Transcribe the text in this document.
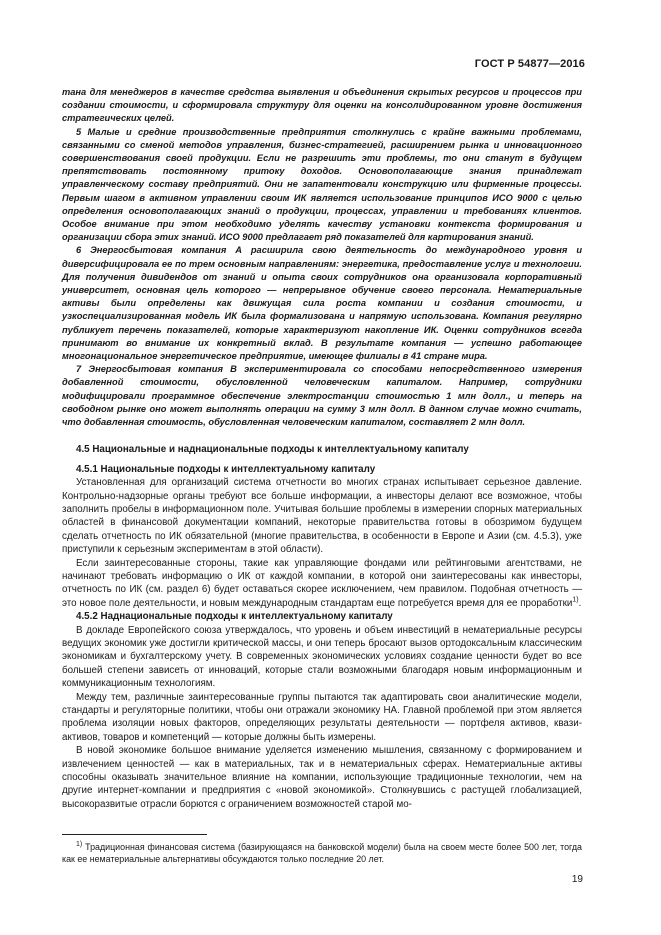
ГОСТ Р 54877—2016

тана для менеджеров в качестве средства выявления и объединения скрытых ресурсов и процессов при создании стоимости, и сформировала структуру для оценки на консолидированном уровне достижения стратегических целей.

5 Малые и средние производственные предприятия столкнулись с крайне важными проблемами, связанными со сменой методов управления, бизнес-стратегией, расширением рынка и инновационного совершенствования своей продукции. Если не разрешить эти проблемы, то они станут в будущем препятствовать постоянному притоку доходов. Основополагающие знания принадлежат управленческому составу предприятий. Они не запатентовали конструкцию или фирменные процессы. Первым шагом в активном управлении своим ИК является использование принципов ИСО 9000 с целью определения основополагающих знаний о продукции, процессах, управлении и требованиях клиентов. Особое внимание при этом необходимо уделять качеству установки контекста формирования и организации сбора этих знаний. ИСО 9000 предлагает ряд показателей для картирования знаний.

6 Энергосбытовая компания А расширила свою деятельность до международного уровня и диверсифицировала ее по трем основным направлениям: энергетика, предоставление услуг и технологии. Для получения дивидендов от знаний и опыта своих сотрудников она организовала корпоративный университет, основная цель которого — непрерывное обучение своего персонала. Нематериальные активы были определены как движущая сила роста компании и создания стоимости, и узкоспециализированная модель ИК была формализована и напрямую использована. Компания регулярно публикует перечень показателей, которые характеризуют накопление ИК. Оценки сотрудников всегда принимают во внимание их конкретный вклад. В результате компания — успешно работающее многонациональное энергетическое предприятие, имеющее филиалы в 41 стране мира.

7 Энергосбытовая компания В экспериментировала со способами непосредственного измерения добавленной стоимости, обусловленной человеческим капиталом. Например, сотрудники модифицировали программное обеспечение электростанции стоимостью 1 млн долл., и теперь на свободном рынке оно может выполнять операции на сумму 3 млн долл. В данном случае можно считать, что добавленная стоимость, обусловленная человеческим капиталом, составляет 2 млн долл.

4.5 Национальные и наднациональные подходы к интеллектуальному капиталу
4.5.1 Национальные подходы к интеллектуальному капиталу

Установленная для организаций система отчетности во многих странах испытывает серьезное давление. Контрольно-надзорные органы требуют все больше информации, а инвесторы делают все возможное, чтобы заполнить пробелы в информационном поле. Учитывая большие проблемы в измерении спорных материальных областей в финансовой документации компаний, некоторые правительства готовы в обозримом будущем сделать отчетность по ИК обязательной (многие правительства, в особенности в Европе и Азии (см. 4.5.3), уже приступили к серьезным экспериментам в этой области).

Если заинтересованные стороны, такие как управляющие фондами или рейтинговыми агентствами, не начинают требовать информацию о ИК от каждой компании, в которой они заинтересованы как инвесторы, отчетность по ИК (см. раздел 6) будет оставаться скорее исключением, чем правилом. Подобная отчетность — это новое поле деятельности, и новым международным стандартам еще потребуется время для ее проработки$^{1)}$.

4.5.2 Наднациональные подходы к интеллектуальному капиталу

В докладе Европейского союза утверждалось, что уровень и объем инвестиций в нематериальные ресурсы ведущих экономик уже достигли критической массы, и они теперь бросают вызов ортодоксальным классическим экономикам и бухгалтерскому учету. В современных экономических условиях создание ценности будет во все большей степени зависеть от инноваций, которые стали возможными благодаря новым информационным и коммуникационным технологиям.

Между тем, различные заинтересованные группы пытаются так адаптировать свои аналитические модели, стандарты и регуляторные политики, чтобы они отражали экономику НА. Главной проблемой при этом является проблема изоляции новых факторов, определяющих результаты деятельности — портфеля активов, квази-активов, товаров и компетенций — которые должны быть измерены.

В новой экономике большое внимание уделяется изменению мышления, связанному с формированием и извлечением ценностей — как в материальных, так и в нематериальных сферах. Нематериальные активы способны оказывать значительное влияние на компании, использующие традиционные технологии, чем на другие интернет-компании и предприятия с «новой экономикой». Столкнувшись с растущей глобализацией, высокоразвитые отрасли борются с ограничением возможностей старой мо-

$^{1)}$ Традиционная финансовая система (базирующаяся на банковской модели) была на своем месте более 500 лет, тогда как ее нематериальные альтернативы обсуждаются только последние 20 лет.

19
